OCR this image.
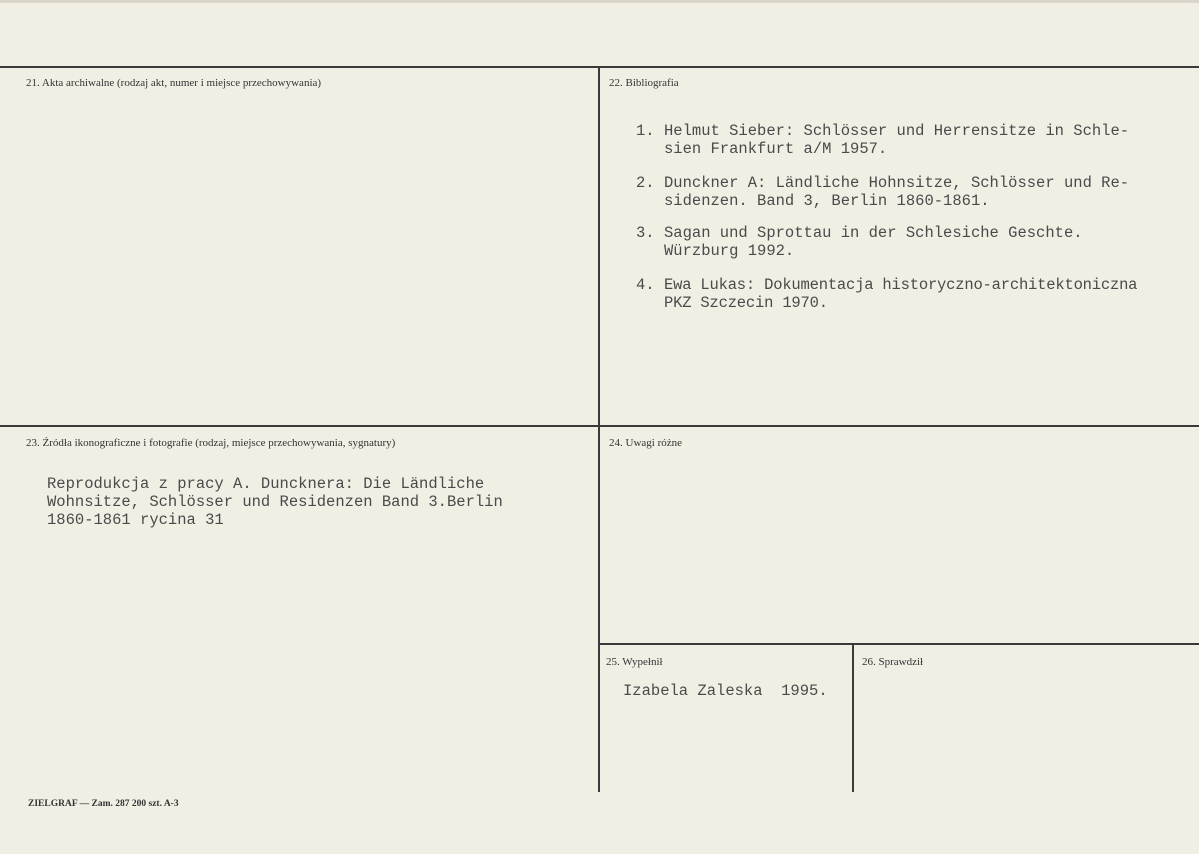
21. Akta archiwalne (rodzaj akt, numer i miejsce przechowywania)	22. Bibliografia
1. Helmut Sieber: Schlösser und Herrensitze in Schle-
sien Frankfurt a/M 1957.
2. Dunckner A: Ländliche Hohnsitze, Schlösser und Re-
sidenzen. Band 3, Berlin 1860-1861.
3. Sagan und Sprottau in der Schlesiche Geschte.
Würzburg 1992.
4. Ewa Lukas: Dokumentacja historyczno-architektoniczna
PKZ Szczecin 1970.
23. Źródła ikonograficzne i fotografie (rodzaj, miejsce przechowywania, sygnatury)
Reprodukcja z pracy A. Duncknera: Die Ländliche
Wohnsitze, Schlösser und Residenzen Band 3.Berlin
1860-1861 rycina 31
24. Uwagi różne
25. Wypełnił
Izabela Zaleska  1995.
26. Sprawdził
ZIELGRAF — Zam. 287 200 szt. A-3
